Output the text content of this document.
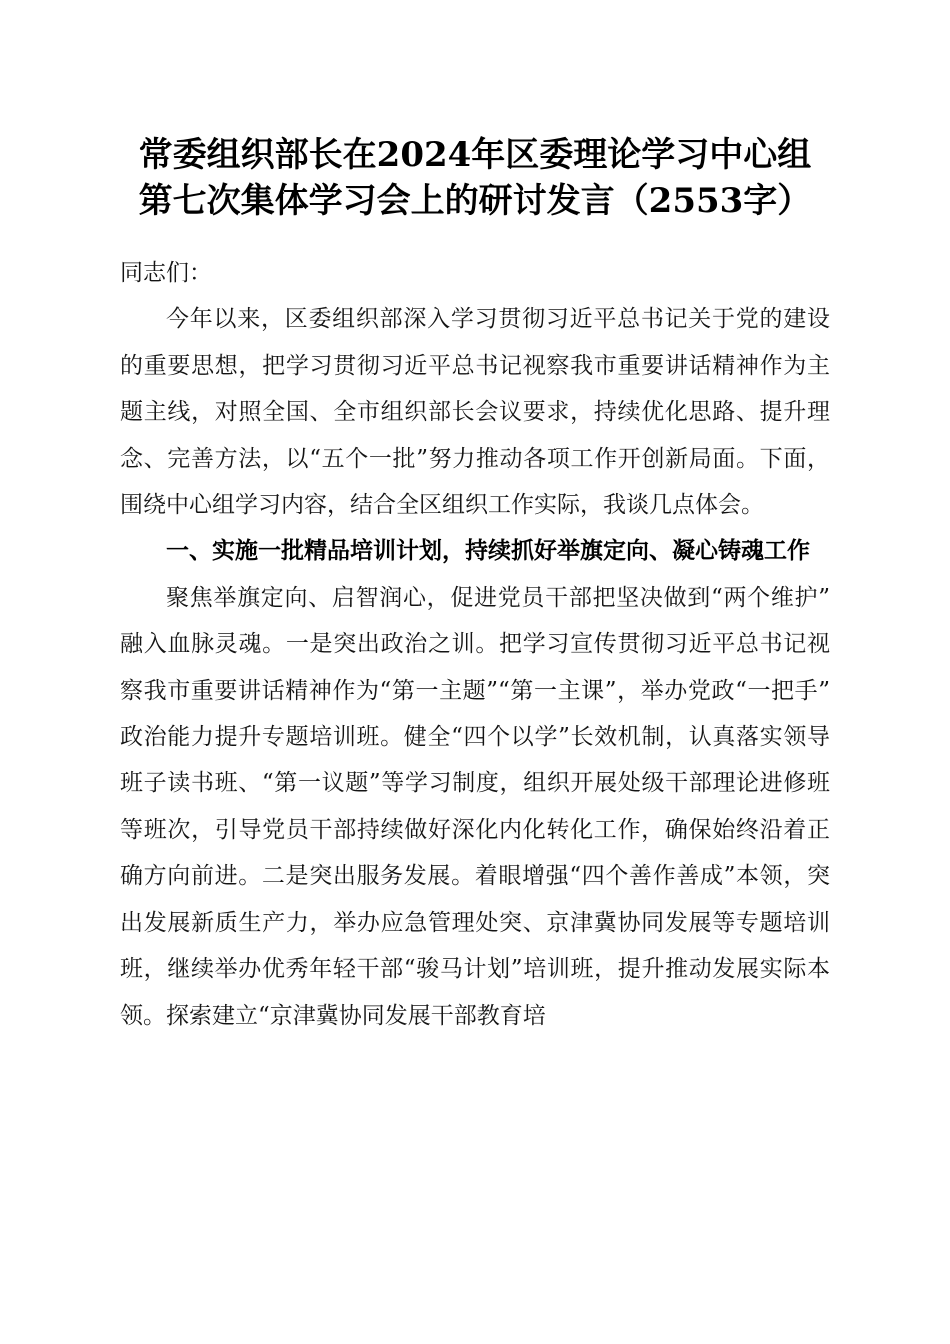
常委组织部长在2024年区委理论学习中心组
第七次集体学习会上的研讨发言（2553字）

同志们：

今年以来，区委组织部深入学习贯彻习近平总书记关于党的建设的重要思想，把学习贯彻习近平总书记视察我市重要讲话精神作为主题主线，对照全国、全市组织部长会议要求，持续优化思路、提升理念、完善方法，以“五个一批”努力推动各项工作开创新局面。下面，围绕中心组学习内容，结合全区组织工作实际，我谈几点体会。

一、实施一批精品培训计划，持续抓好举旗定向、凝心铸魂工作

聚焦举旗定向、启智润心，促进党员干部把坚决做到“两个维护”融入血脉灵魂。一是突出政治之训。把学习宣传贯彻习近平总书记视察我市重要讲话精神作为“第一主题”“第一主课”，举办党政“一把手”政治能力提升专题培训班。健全“四个以学”长效机制，认真落实领导班子读书班、“第一议题”等学习制度，组织开展处级干部理论进修班等班次，引导党员干部持续做好深化内化转化工作，确保始终沿着正确方向前进。二是突出服务发展。着眼增强“四个善作善成”本领，突出发展新质生产力，举办应急管理处突、京津冀协同发展等专题培训班，继续举办优秀年轻干部“骏马计划”培训班，提升推动发展实际本领。探索建立“京津冀协同发展干部教育培
